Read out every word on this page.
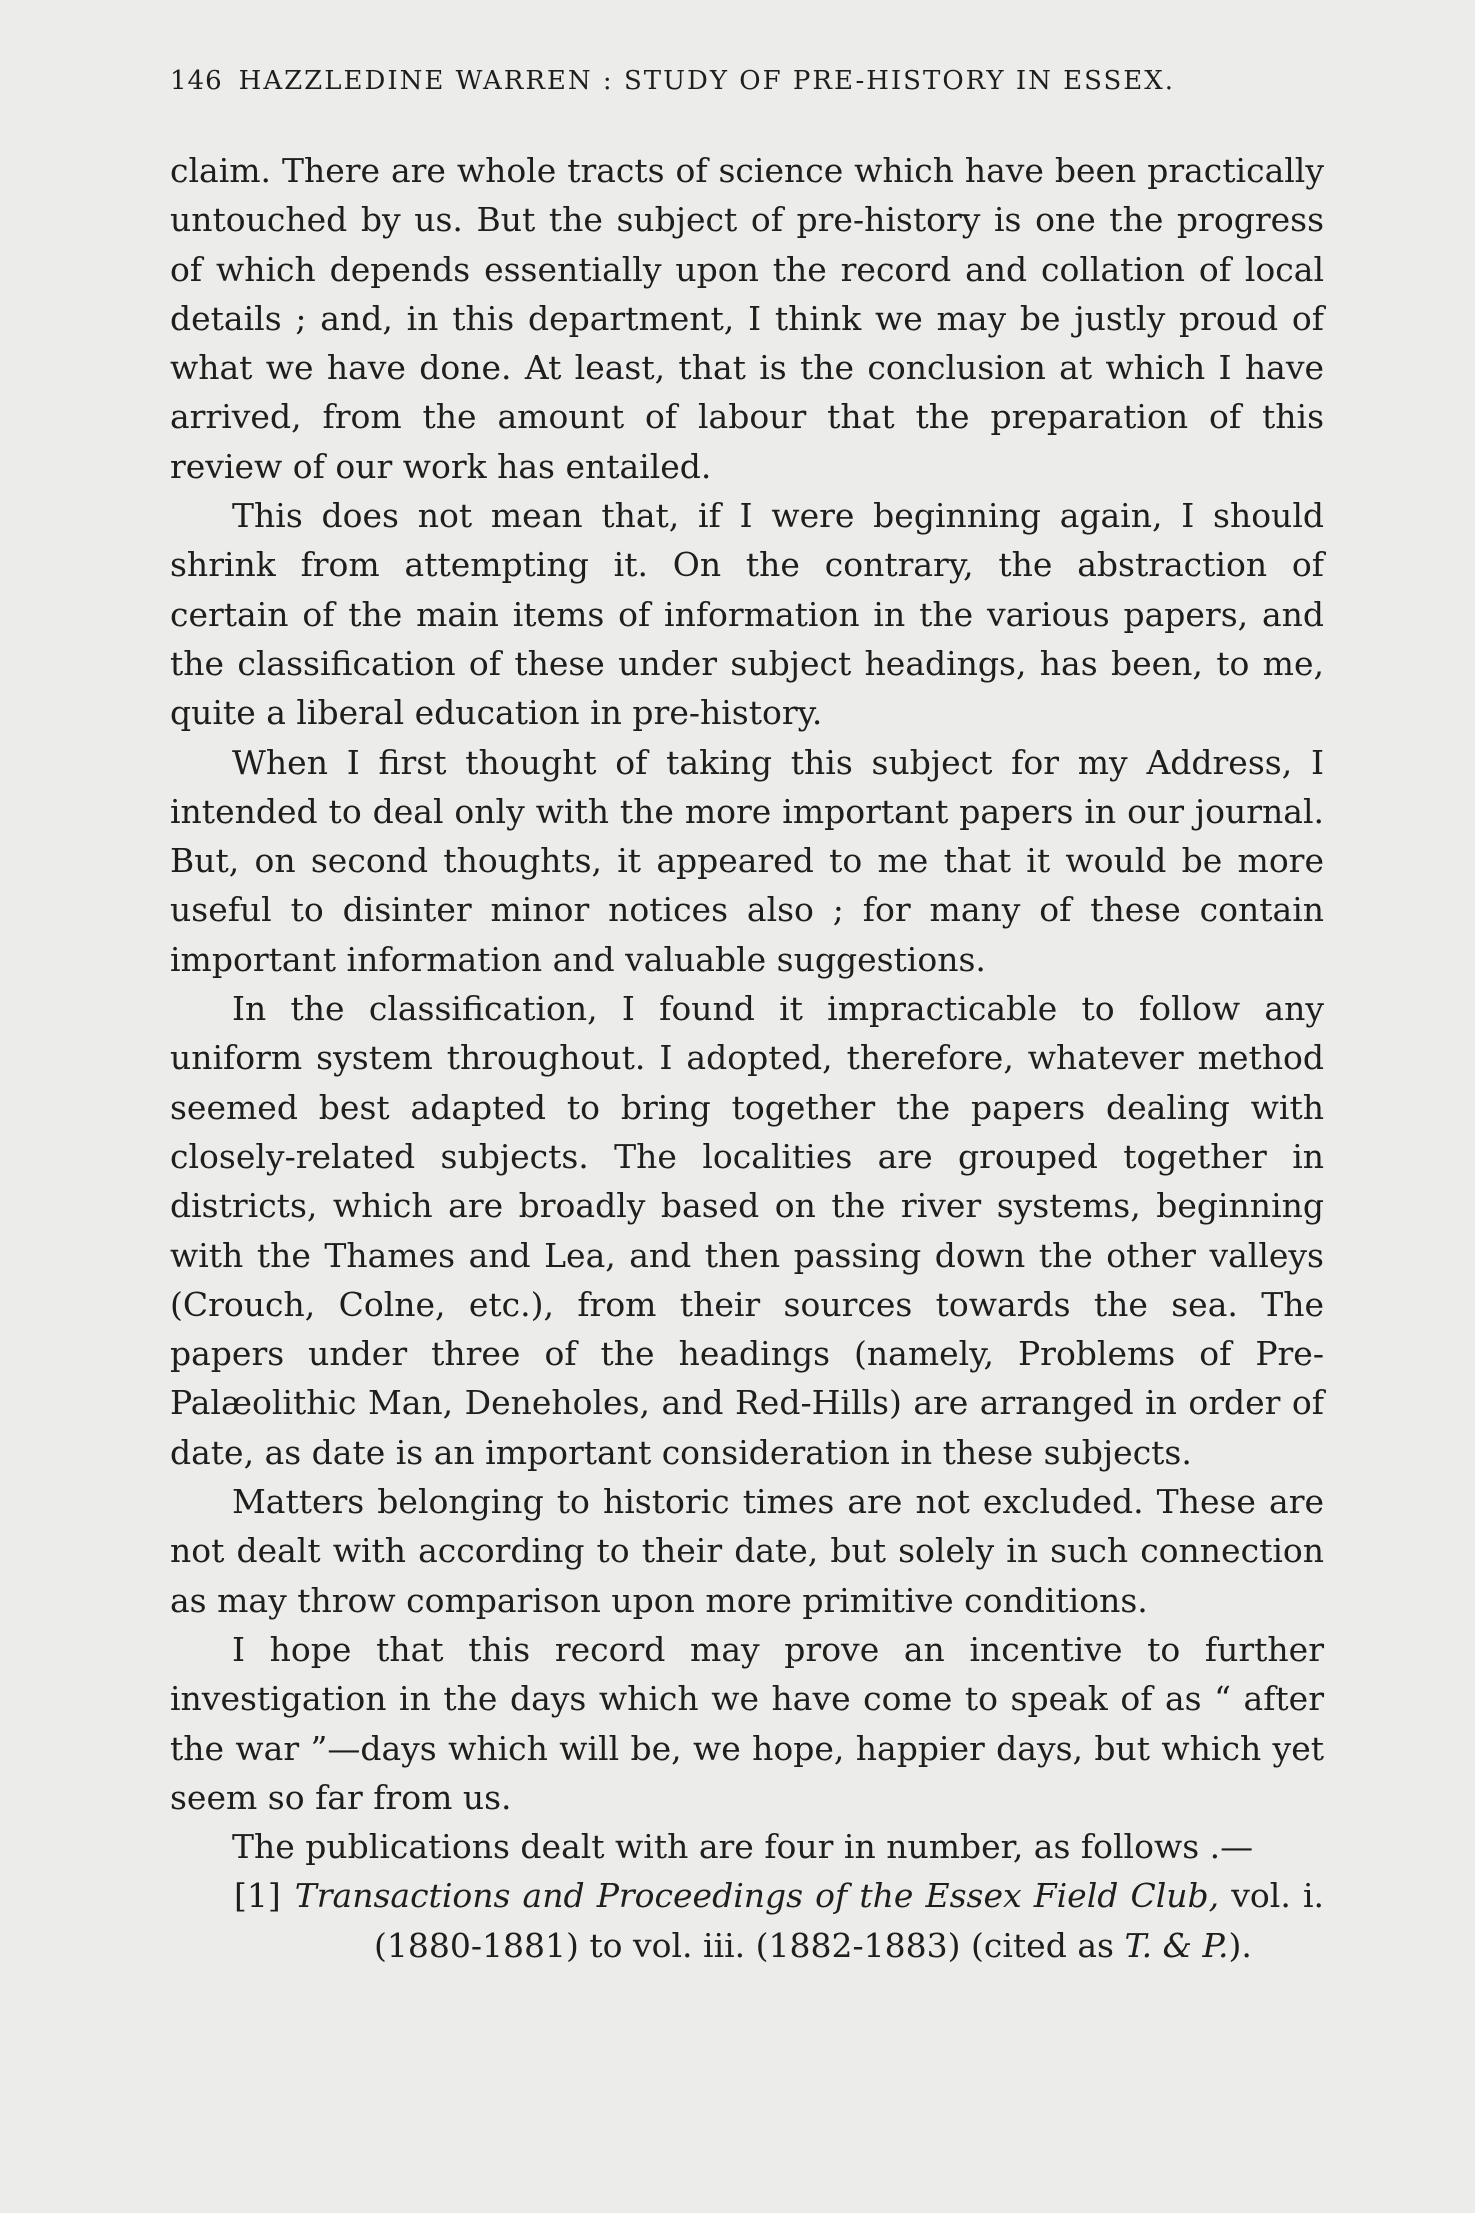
146 HAZZLEDINE WARREN : STUDY OF PRE-HISTORY IN ESSEX.

claim. There are whole tracts of science which have been practically untouched by us. But the subject of pre-history is one the progress of which depends essentially upon the record and collation of local details ; and, in this department, I think we may be justly proud of what we have done. At least, that is the conclusion at which I have arrived, from the amount of labour that the preparation of this review of our work has entailed.

This does not mean that, if I were beginning again, I should shrink from attempting it. On the contrary, the abstraction of certain of the main items of information in the various papers, and the classification of these under subject headings, has been, to me, quite a liberal education in pre-history.

When I first thought of taking this subject for my Address, I intended to deal only with the more important papers in our journal. But, on second thoughts, it appeared to me that it would be more useful to disinter minor notices also ; for many of these contain important information and valuable suggestions.

In the classification, I found it impracticable to follow any uniform system throughout. I adopted, therefore, whatever method seemed best adapted to bring together the papers dealing with closely-related subjects. The localities are grouped together in districts, which are broadly based on the river systems, beginning with the Thames and Lea, and then passing down the other valleys (Crouch, Colne, etc.), from their sources towards the sea. The papers under three of the headings (namely, Problems of Pre-Palæolithic Man, Deneholes, and Red-Hills) are arranged in order of date, as date is an important consideration in these subjects.

Matters belonging to historic times are not excluded. These are not dealt with according to their date, but solely in such connection as may throw comparison upon more primitive conditions.

I hope that this record may prove an incentive to further investigation in the days which we have come to speak of as “ after the war ”—days which will be, we hope, happier days, but which yet seem so far from us.

The publications dealt with are four in number, as follows .—

[1] Transactions and Proceedings of the Essex Field Club, vol. i. (1880-1881) to vol. iii. (1882-1883) (cited as T. & P.).
